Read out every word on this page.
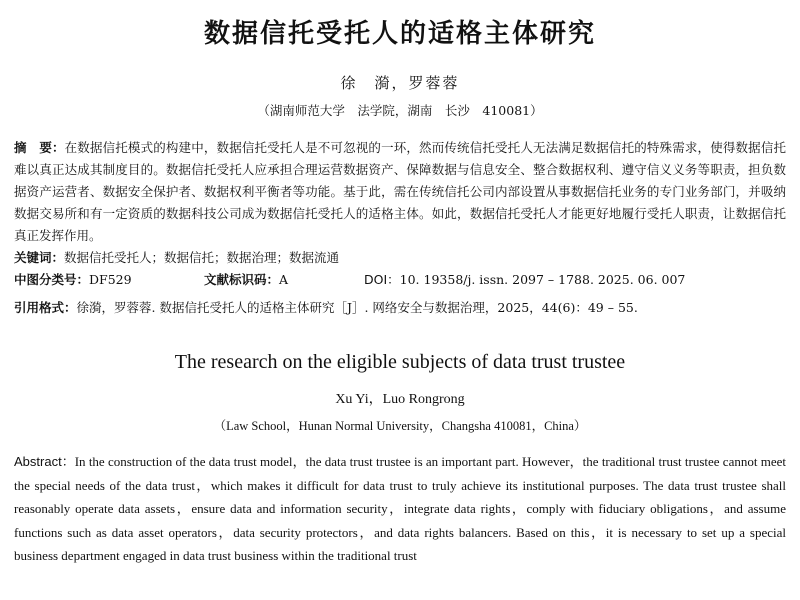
数据信托受托人的适格主体研究
徐　漪，罗蓉蓉
（湖南师范大学　法学院，湖南　长沙　410081）
摘　要：在数据信托模式的构建中，数据信托受托人是不可忽视的一环，然而传统信托受托人无法满足数据信托的特殊需求，使得数据信托难以真正达成其制度目的。数据信托受托人应承担合理运营数据资产、保障数据与信息安全、整合数据权利、遵守信义义务等职责，担负数据资产运营者、数据安全保护者、数据权利平衡者等功能。基于此，需在传统信托公司内部设置从事数据信托业务的专门业务部门，并吸纳数据交易所和有一定资质的数据科技公司成为数据信托受托人的适格主体。如此，数据信托受托人才能更好地履行受托人职责，让数据信托真正发挥作用。
关键词：数据信托受托人；数据信托；数据治理；数据流通
中图分类号：DF529	文献标识码：A	DOI：10. 19358/j. issn. 2097 – 1788. 2025. 06. 007
引用格式：徐漪，罗蓉蓉. 数据信托受托人的适格主体研究［J］. 网络安全与数据治理，2025，44(6)：49 – 55.
The research on the eligible subjects of data trust trustee
Xu Yi，Luo Rongrong
（Law School，Hunan Normal University，Changsha 410081，China）
Abstract：In the construction of the data trust model，the data trust trustee is an important part. However，the traditional trust trustee cannot meet the special needs of the data trust，which makes it difficult for data trust to truly achieve its institutional purposes. The data trust trustee shall reasonably operate data assets，ensure data and information security，integrate data rights，comply with fiduciary obligations，and assume functions such as data asset operators，data security protectors，and data rights balancers. Based on this，it is necessary to set up a special business department engaged in data trust business within the traditional trust
